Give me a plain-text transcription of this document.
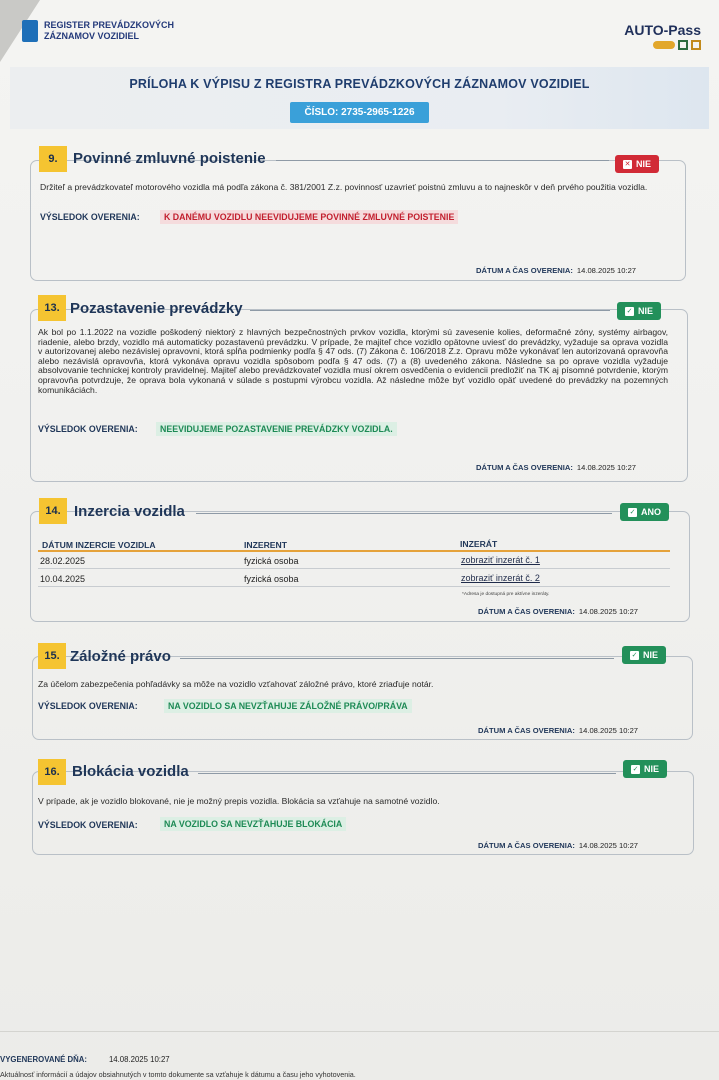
REGISTER PREVÁDZKOVÝCH
ZÁZNAMOV VOZIDIEL	AUTO-Pass
PRÍLOHA K VÝPISU Z REGISTRA PREVÁDZKOVÝCH ZÁZNAMOV VOZIDIEL
ČÍSLO: 2735-2965-1226
9.	Povinné zmluvné poistenie	✕ NIE
Držiteľ a prevádzkovateľ motorového vozidla má podľa zákona č. 381/2001 Z.z. povinnosť uzavrieť poistnú zmluvu a to najneskôr v deň prvého použitia vozidla.
VÝSLEDOK OVERENIA:	K DANÉMU VOZIDLU NEEVIDUJEME POVINNÉ ZMLUVNÉ POISTENIE
DÁTUM A ČAS OVERENIA: 14.08.2025 10:27
13. Pozastavenie prevádzky	✓ NIE
Ak bol po 1.1.2022 na vozidle poškodený niektorý z hlavných bezpečnostných prvkov vozidla, ktorými sú zavesenie kolies, deformačné zóny, systémy airbagov, riadenie, alebo brzdy, vozidlo má automaticky pozastavenú prevádzku. V prípade, že majiteľ chce vozidlo opätovne uviesť do prevádzky, vyžaduje sa oprava vozidla v autorizovanej alebo nezávislej opravovni, ktorá spĺňa podmienky podľa § 47 ods. (7) Zákona č. 106/2018 Z.z. Opravu môže vykonávať len autorizovaná opravovňa alebo nezávislá opravovňa, ktorá vykonáva opravu vozidla spôsobom podľa § 47 ods. (7) a (8) uvedeného zákona. Následne sa po oprave vozidla vyžaduje absolvovanie technickej kontroly pravidelnej. Majiteľ alebo prevádzkovateľ vozidla musí okrem osvedčenia o evidencii predložiť na TK aj písomné potvrdenie, ktorým opravovňa potvrdzuje, že oprava bola vykonaná v súlade s postupmi výrobcu vozidla. Až následne môže byť vozidlo opäť uvedené do prevádzky na pozemných komunikáciách.
VÝSLEDOK OVERENIA:	NEEVIDUJEME POZASTAVENIE PREVÁDZKY VOZIDLA.
DÁTUM A ČAS OVERENIA: 14.08.2025 10:27
14. Inzercia vozidla	✓ ANO
DÁTUM INZERCIE VOZIDLA	INZERENT	INZERÁT
28.02.2025	fyzická osoba	zobraziť inzerát č. 1
10.04.2025	fyzická osoba	zobraziť inzerát č. 2
*Adresa je dostupná pre aktívne inzeráty.
DÁTUM A ČAS OVERENIA: 14.08.2025 10:27
15. Záložné právo	✓ NIE
Za účelom zabezpečenia pohľadávky sa môže na vozidlo vzťahovať záložné právo, ktoré zriaďuje notár.
VÝSLEDOK OVERENIA:	NA VOZIDLO SA NEVZŤAHUJE ZÁLOŽNÉ PRÁVO/PRÁVA
DÁTUM A ČAS OVERENIA: 14.08.2025 10:27
16. Blokácia vozidla	✓ NIE
V prípade, ak je vozidlo blokované, nie je možný prepis vozidla. Blokácia sa vzťahuje na samotné vozidlo.
VÝSLEDOK OVERENIA:	NA VOZIDLO SA NEVZŤAHUJE BLOKÁCIA
DÁTUM A ČAS OVERENIA: 14.08.2025 10:27
VYGENEROVANÉ DŇA:	14.08.2025 10:27
Aktuálnosť informácií a údajov obsiahnutých v tomto dokumente sa vzťahuje k dátumu a času jeho vyhotovenia.
